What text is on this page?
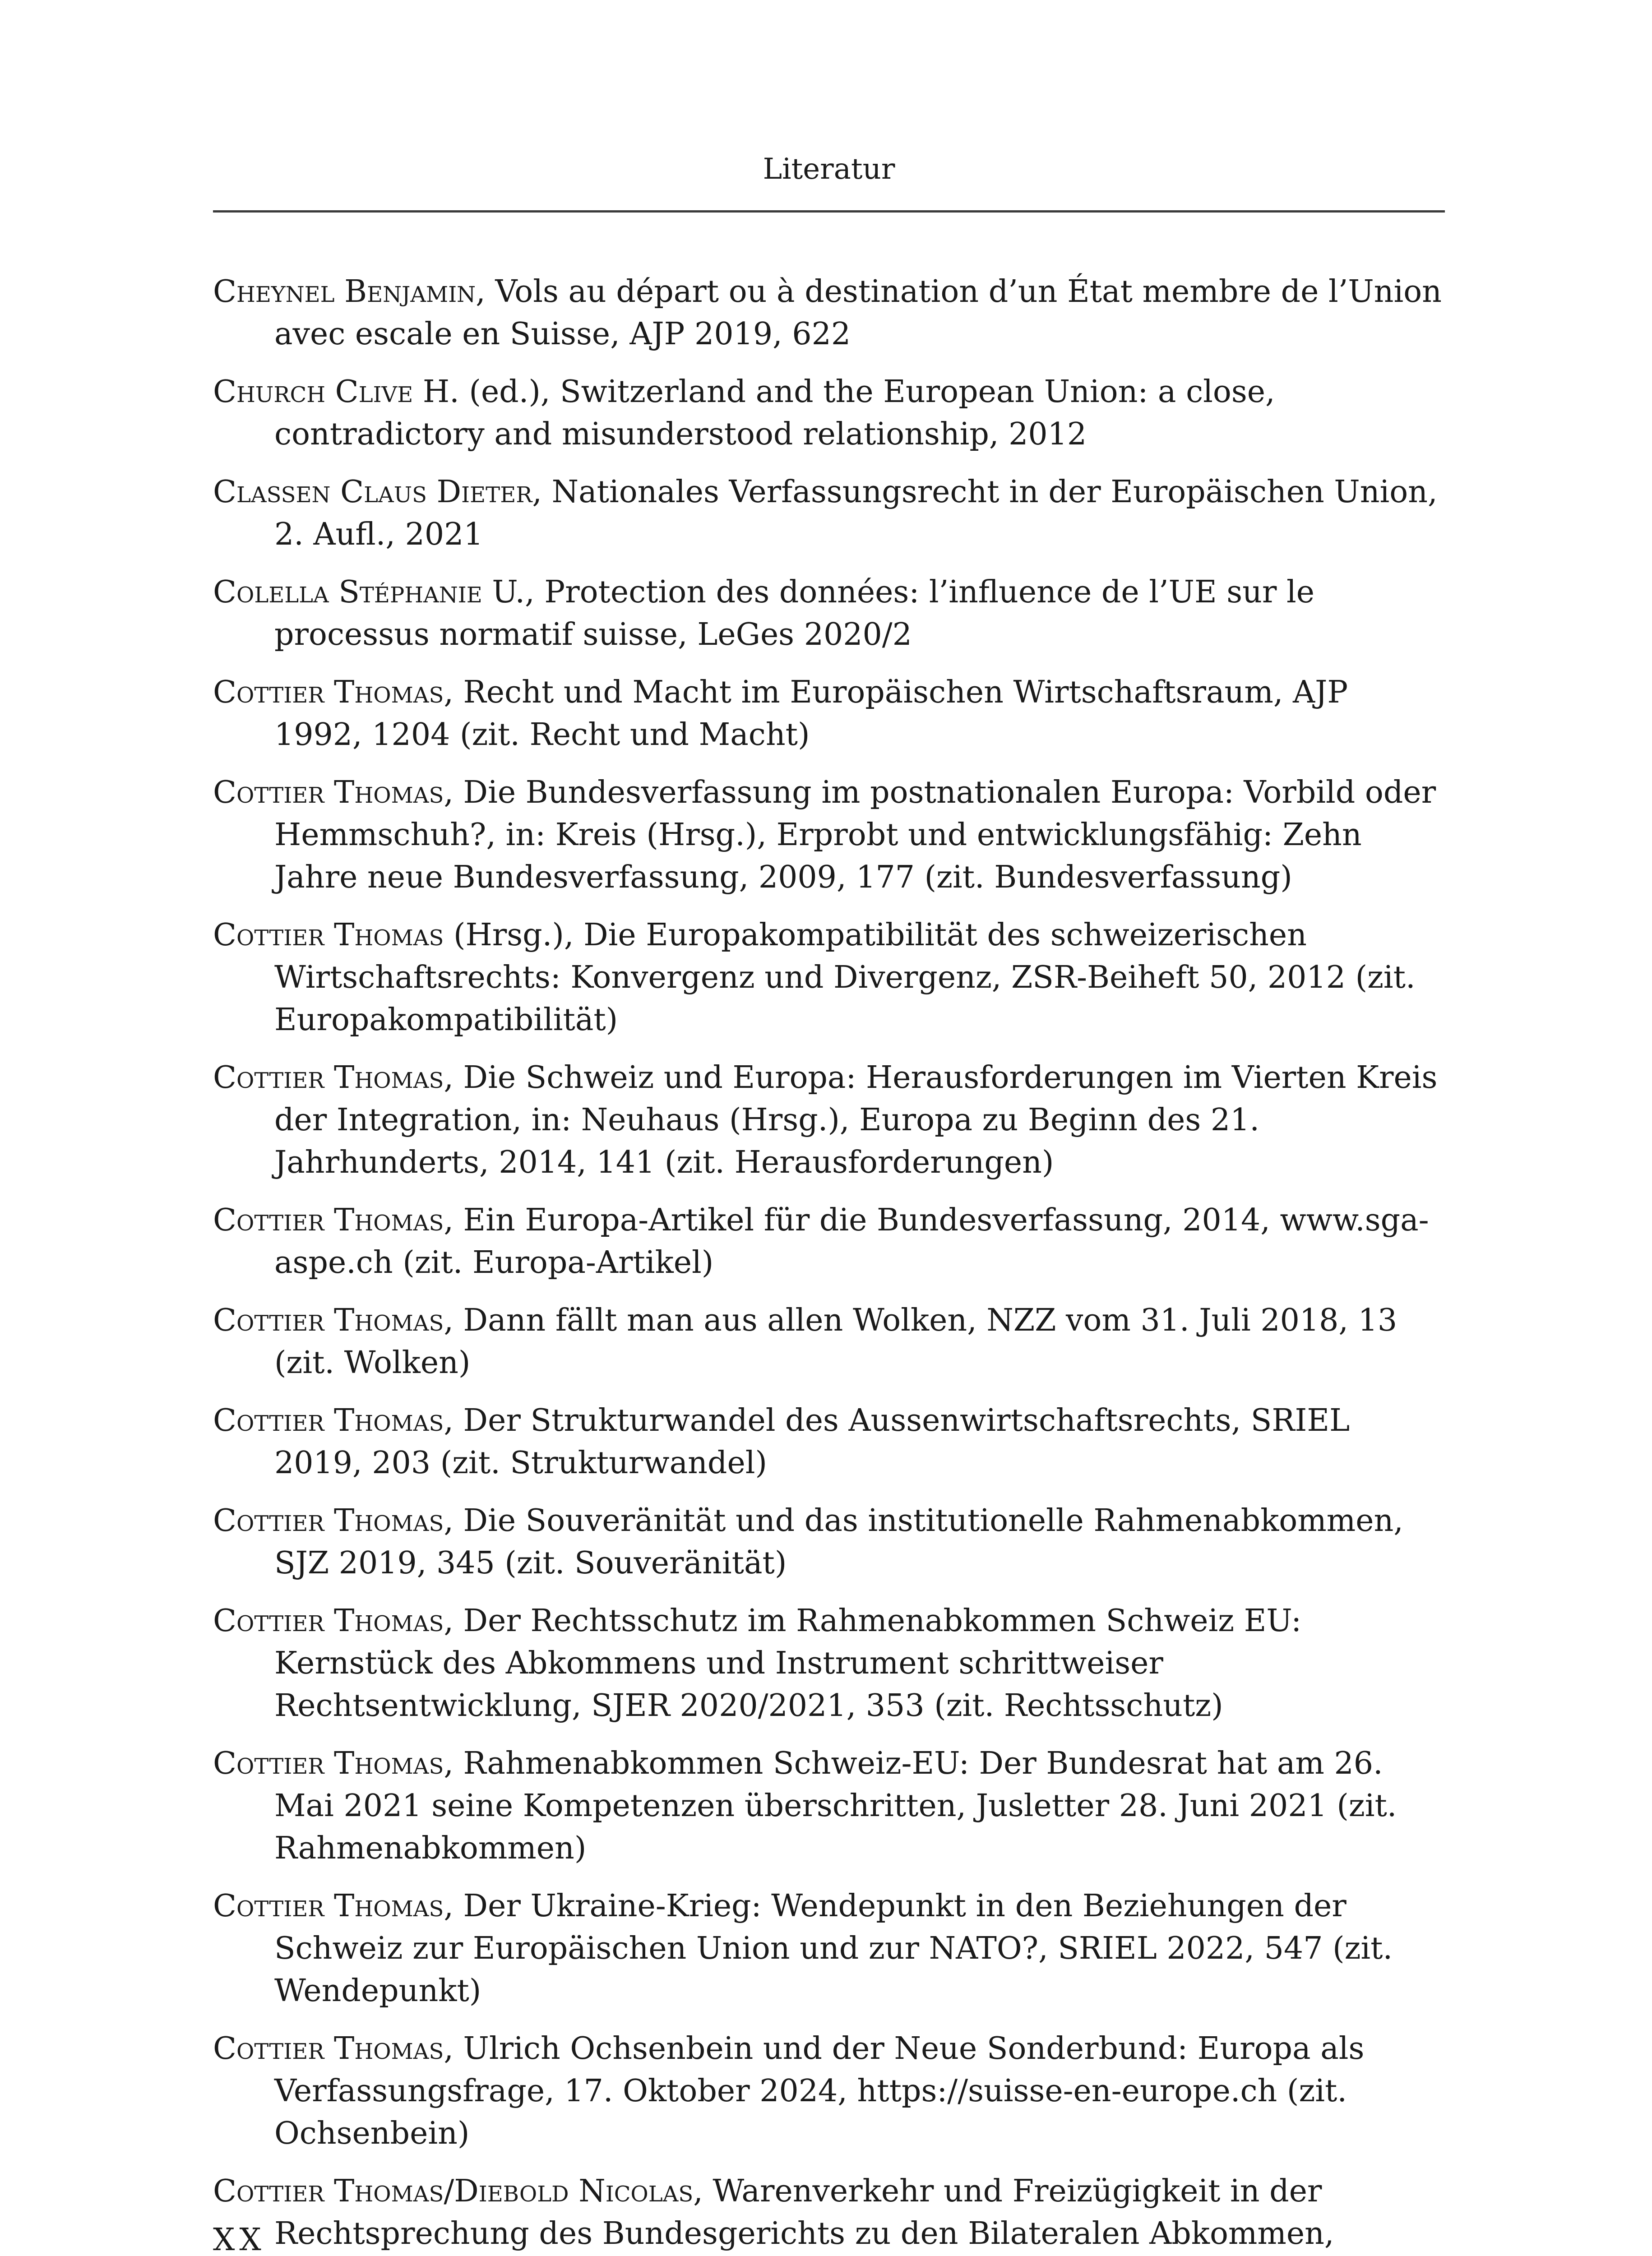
Literatur
Cheynel Benjamin, Vols au départ ou à destination d’un État membre de l’Union avec escale en Suisse, AJP 2019, 622
Church Clive H. (ed.), Switzerland and the European Union: a close, contradictory and misunderstood relationship, 2012
Classen Claus Dieter, Nationales Verfassungsrecht in der Europäischen Union, 2. Aufl., 2021
Colella Stéphanie U., Protection des données: l’influence de l’UE sur le processus normatif suisse, LeGes 2020/2
Cottier Thomas, Recht und Macht im Europäischen Wirtschaftsraum, AJP 1992, 1204 (zit. Recht und Macht)
Cottier Thomas, Die Bundesverfassung im postnationalen Europa: Vorbild oder Hemmschuh?, in: Kreis (Hrsg.), Erprobt und entwicklungsfähig: Zehn Jahre neue Bundesverfassung, 2009, 177 (zit. Bundesverfassung)
Cottier Thomas (Hrsg.), Die Europakompatibilität des schweizerischen Wirtschaftsrechts: Konvergenz und Divergenz, ZSR-Beiheft 50, 2012 (zit. Europakompatibilität)
Cottier Thomas, Die Schweiz und Europa: Herausforderungen im Vierten Kreis der Integration, in: Neuhaus (Hrsg.), Europa zu Beginn des 21. Jahrhunderts, 2014, 141 (zit. Herausforderungen)
Cottier Thomas, Ein Europa-Artikel für die Bundesverfassung, 2014, www.sga-aspe.ch (zit. Europa-Artikel)
Cottier Thomas, Dann fällt man aus allen Wolken, NZZ vom 31. Juli 2018, 13 (zit. Wolken)
Cottier Thomas, Der Strukturwandel des Aussenwirtschaftsrechts, SRIEL 2019, 203 (zit. Strukturwandel)
Cottier Thomas, Die Souveränität und das institutionelle Rahmenabkommen, SJZ 2019, 345 (zit. Souveränität)
Cottier Thomas, Der Rechtsschutz im Rahmenabkommen Schweiz EU: Kernstück des Abkommens und Instrument schrittweiser Rechtsentwicklung, SJER 2020/2021, 353 (zit. Rechtsschutz)
Cottier Thomas, Rahmenabkommen Schweiz-EU: Der Bundesrat hat am 26. Mai 2021 seine Kompetenzen überschritten, Jusletter 28. Juni 2021 (zit. Rahmenabkommen)
Cottier Thomas, Der Ukraine-Krieg: Wendepunkt in den Beziehungen der Schweiz zur Europäischen Union und zur NATO?, SRIEL 2022, 547 (zit. Wendepunkt)
Cottier Thomas, Ulrich Ochsenbein und der Neue Sonderbund: Europa als Verfassungsfrage, 17. Oktober 2024, https://suisse-en-europe.ch (zit. Ochsenbein)
Cottier Thomas/Diebold Nicolas, Warenverkehr und Freizügigkeit in der Rechtsprechung des Bundesgerichts zu den Bilateralen Abkommen,
XX
